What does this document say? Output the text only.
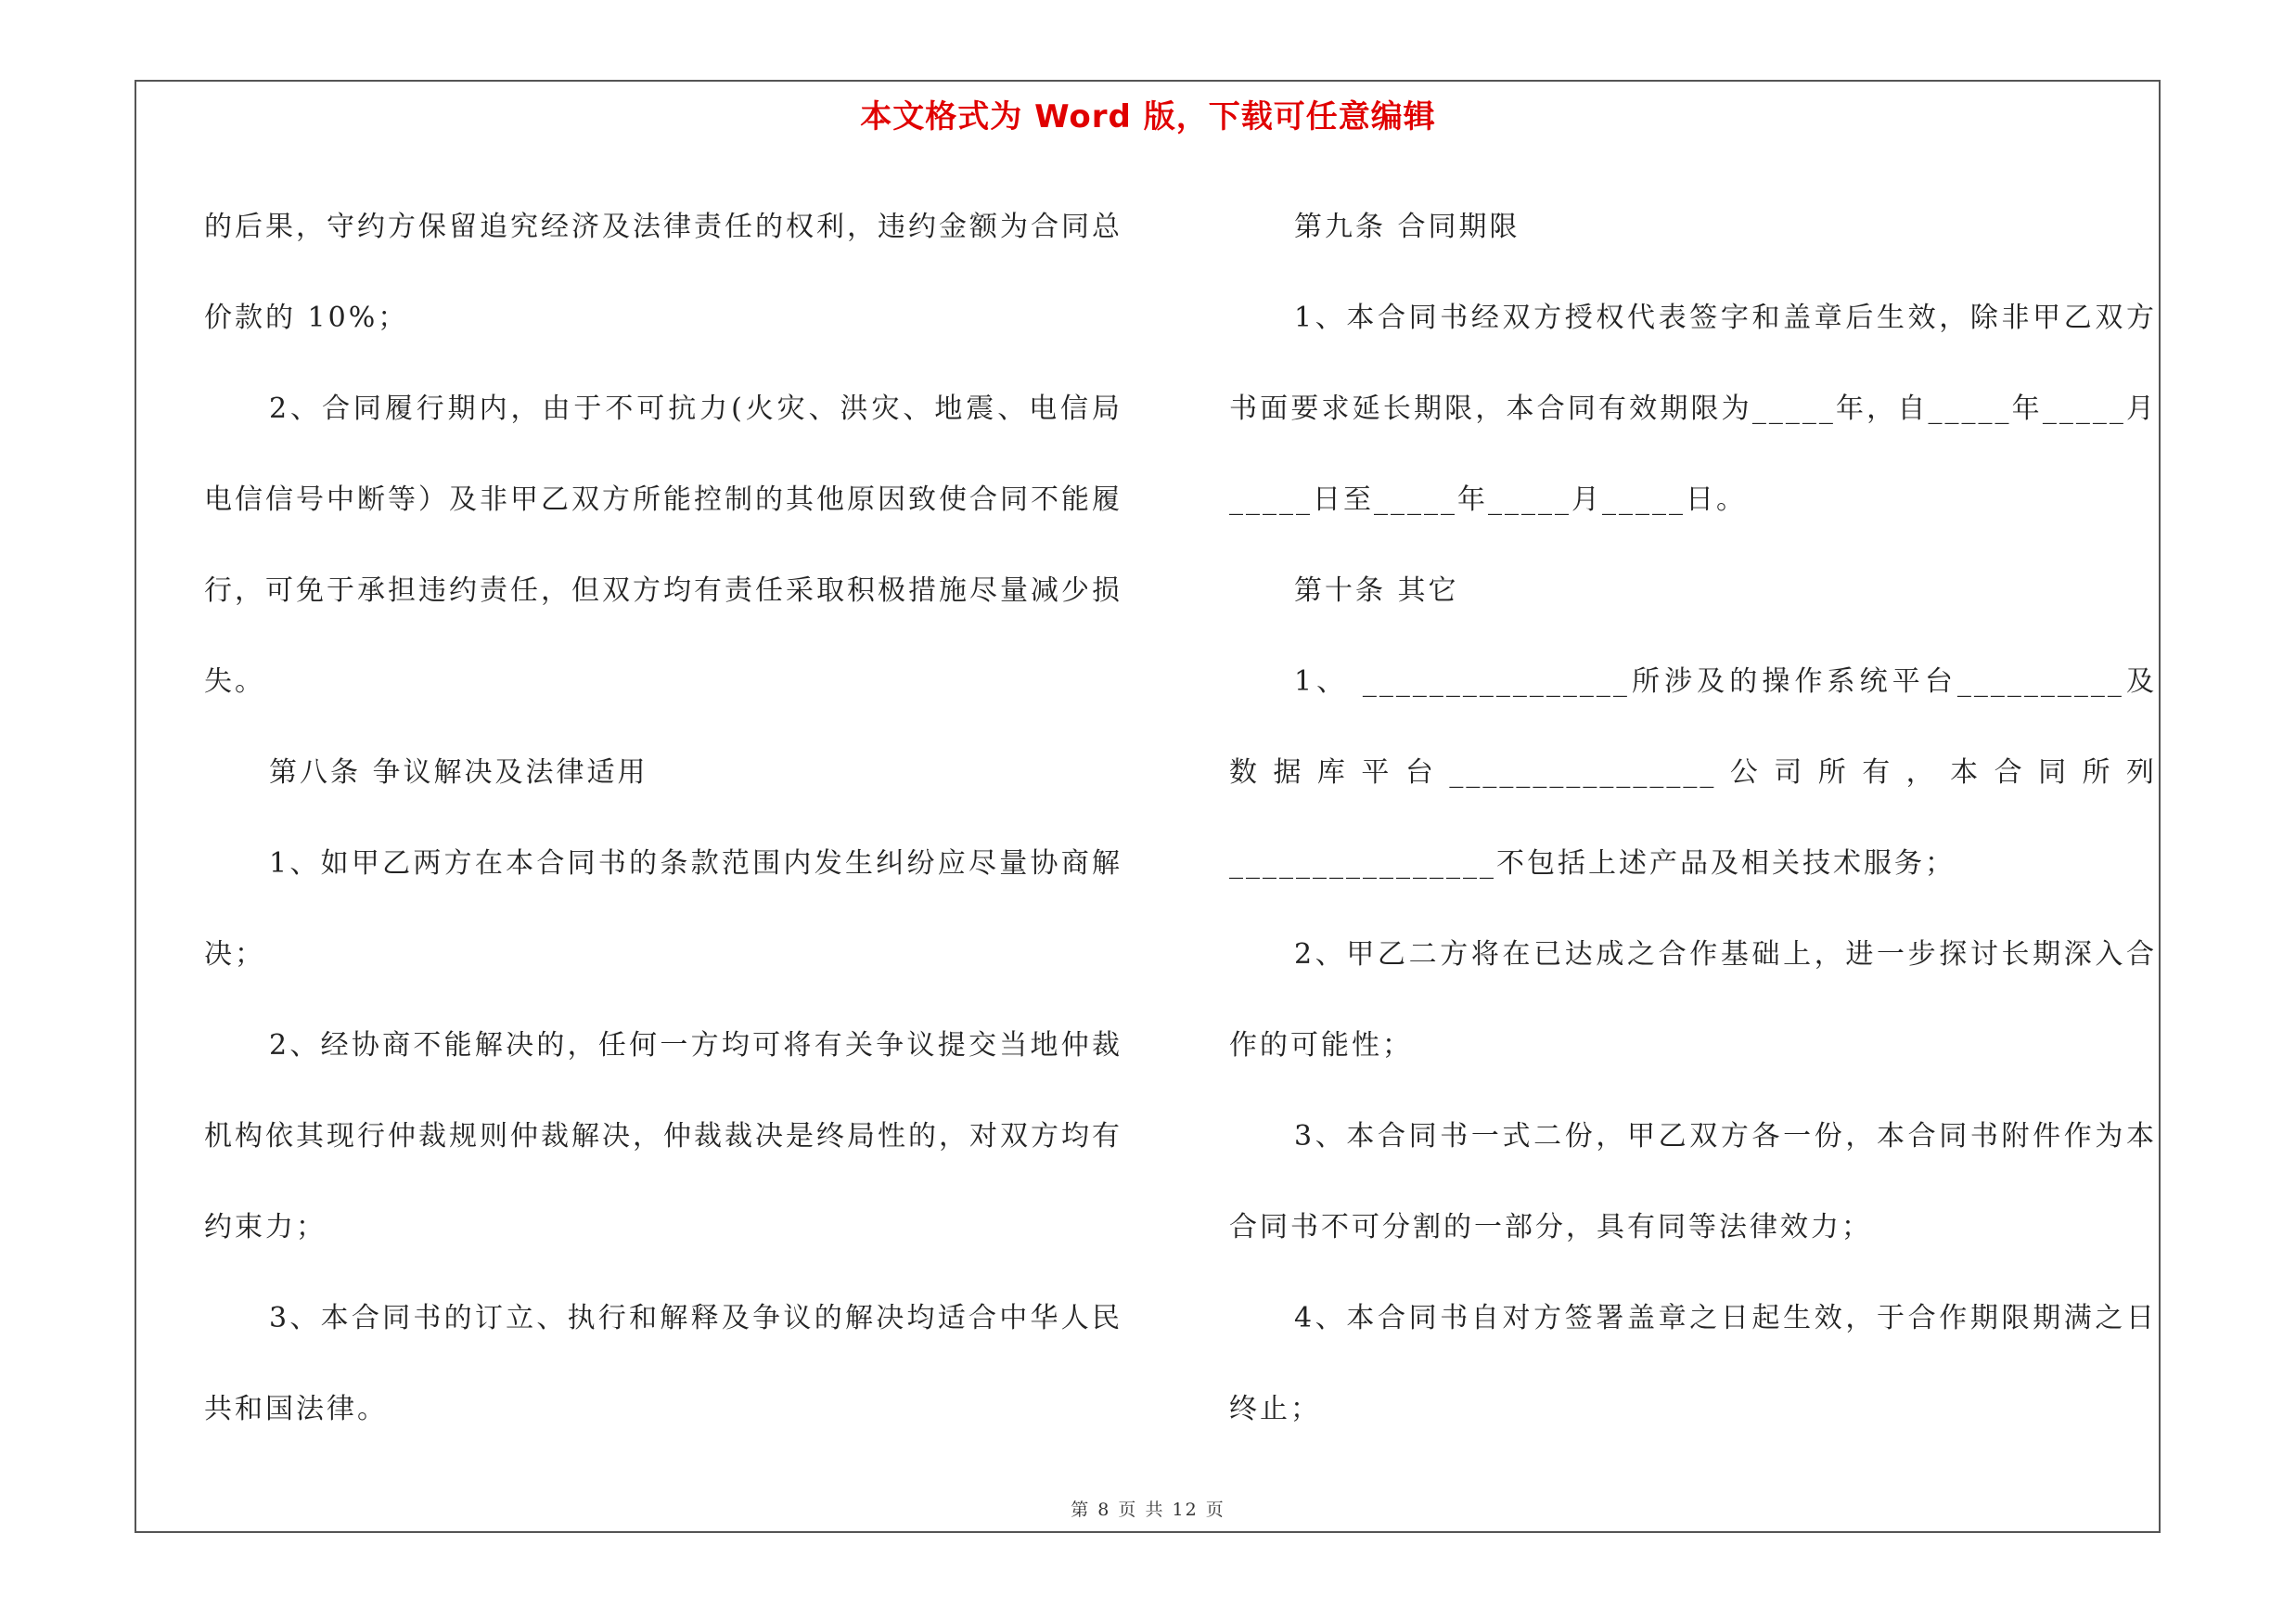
本文格式为 Word 版，下载可任意编辑

的后果，守约方保留追究经济及法律责任的权利，违约金额为合同总价款的 10%；

2、合同履行期内，由于不可抗力(火灾、洪灾、地震、电信局电信信号中断等）及非甲乙双方所能控制的其他原因致使合同不能履行，可免于承担违约责任，但双方均有责任采取积极措施尽量减少损失。

第八条 争议解决及法律适用

1、如甲乙两方在本合同书的条款范围内发生纠纷应尽量协商解决；

2、经协商不能解决的，任何一方均可将有关争议提交当地仲裁机构依其现行仲裁规则仲裁解决，仲裁裁决是终局性的，对双方均有约束力；

3、本合同书的订立、执行和解释及争议的解决均适合中华人民共和国法律。

第九条 合同期限

1、本合同书经双方授权代表签字和盖章后生效，除非甲乙双方书面要求延长期限，本合同有效期限为_____年，自_____年_____月_____日至_____年_____月_____日。

第十条 其它

1、 ________________所涉及的操作系统平台__________及数据库平台________________公司所有，本合同所列________________不包括上述产品及相关技术服务；

2、甲乙二方将在已达成之合作基础上，进一步探讨长期深入合作的可能性；

3、本合同书一式二份，甲乙双方各一份，本合同书附件作为本合同书不可分割的一部分，具有同等法律效力；

4、本合同书自对方签署盖章之日起生效，于合作期限期满之日终止；

第 8 页 共 12 页
